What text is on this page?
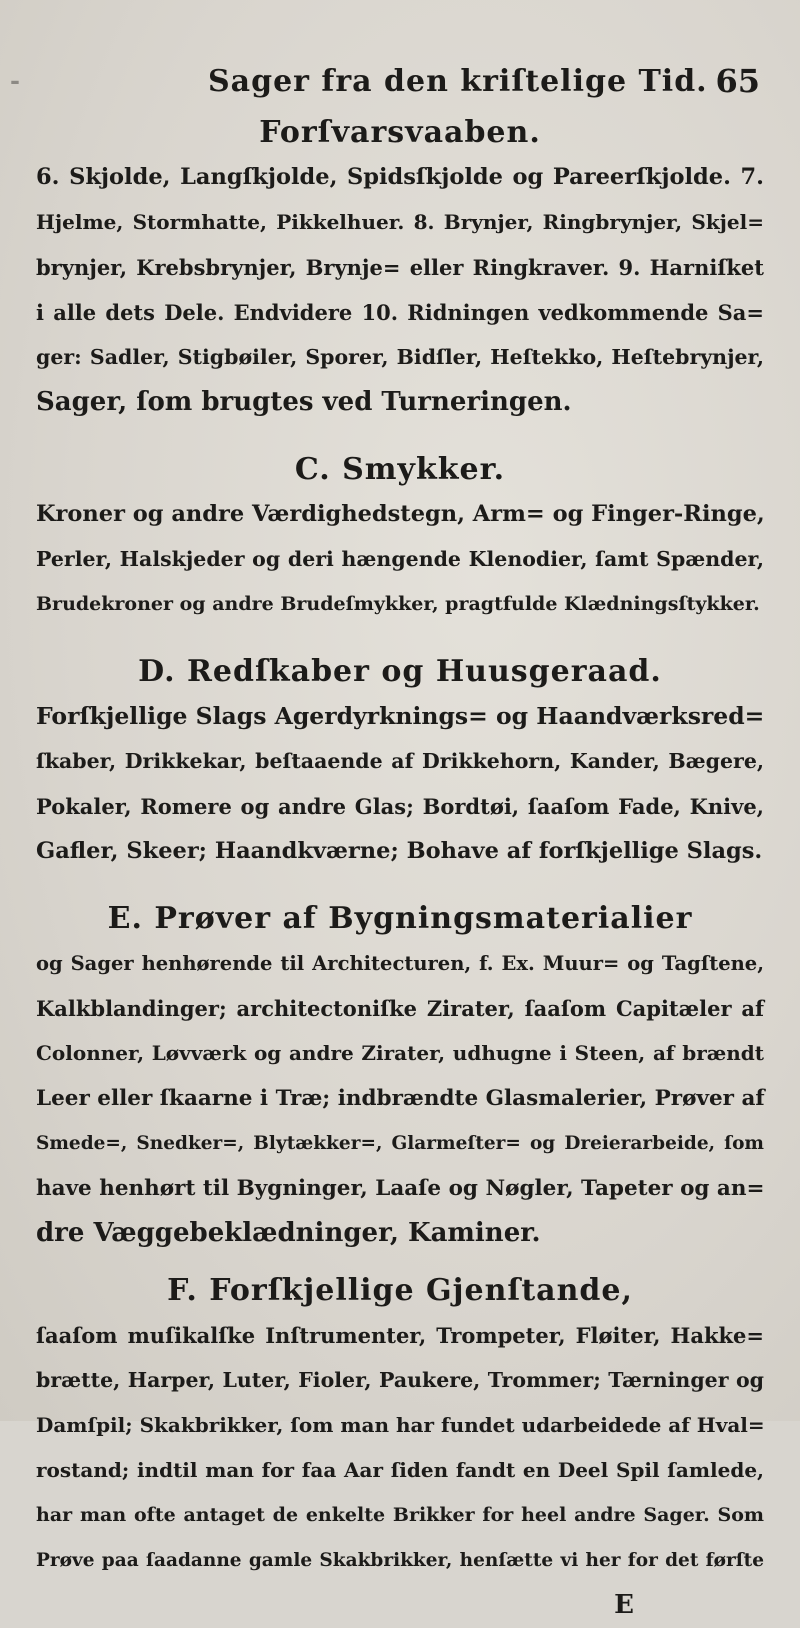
-	Sager fra den kriſtelige Tid. 65
Forſvarsvaaben.
6. Skjolde, Langſkjolde, Spidsſkjolde og Pareerſkjolde. 7.
Hjelme, Stormhatte, Pikkelhuer. 8. Brynjer, Ringbrynjer, Skjel=
brynjer, Krebsbrynjer, Brynje= eller Ringkraver. 9. Harniſket
i alle dets Dele. Endvidere 10. Ridningen vedkommende Sa=
ger: Sadler, Stigbøiler, Sporer, Bidſler, Heſtekko, Heſtebrynjer,
Sager, ſom brugtes ved Turneringen.
C. Smykker.
Kroner og andre Værdighedstegn, Arm= og Finger-Ringe,
Perler, Halskjeder og deri hængende Klenodier, ſamt Spænder,
Brudekroner og andre Brudeſmykker, pragtfulde Klædningsſtykker.
D. Redſkaber og Huusgeraad.
Forſkjellige Slags Agerdyrknings= og Haandværksred=
ſkaber, Drikkekar, beſtaaende af Drikkehorn, Kander, Bægere,
Pokaler, Romere og andre Glas; Bordtøi, ſaaſom Fade, Knive,
Gafler, Skeer; Haandkværne; Bohave af forſkjellige Slags.
E. Prøver af Bygningsmaterialier
og Sager henhørende til Architecturen, f. Ex. Muur= og Tagſtene,
Kalkblandinger; architectoniſke Zirater, ſaaſom Capitæler af
Colonner, Løvværk og andre Zirater, udhugne i Steen, af brændt
Leer eller ſkaarne i Træ; indbrændte Glasmalerier, Prøver af
Smede=, Snedker=, Blytækker=, Glarmeſter= og Dreierarbeide, ſom
have henhørt til Bygninger, Laaſe og Nøgler, Tapeter og an=
dre Væggebeklædninger, Kaminer.
F. Forſkjellige Gjenſtande,
ſaaſom muſikalſke Inſtrumenter, Trompeter, Fløiter, Hakke=
brætte, Harper, Luter, Fioler, Paukere, Trommer; Tærninger og
Damſpil; Skakbrikker, ſom man har fundet udarbeidede af Hval=
rostand; indtil man for faa Aar ſiden fandt en Deel Spil ſamlede,
har man ofte antaget de enkelte Brikker for heel andre Sager. Som
Prøve paa ſaadanne gamle Skakbrikker, henſætte vi her for det førſte
E
